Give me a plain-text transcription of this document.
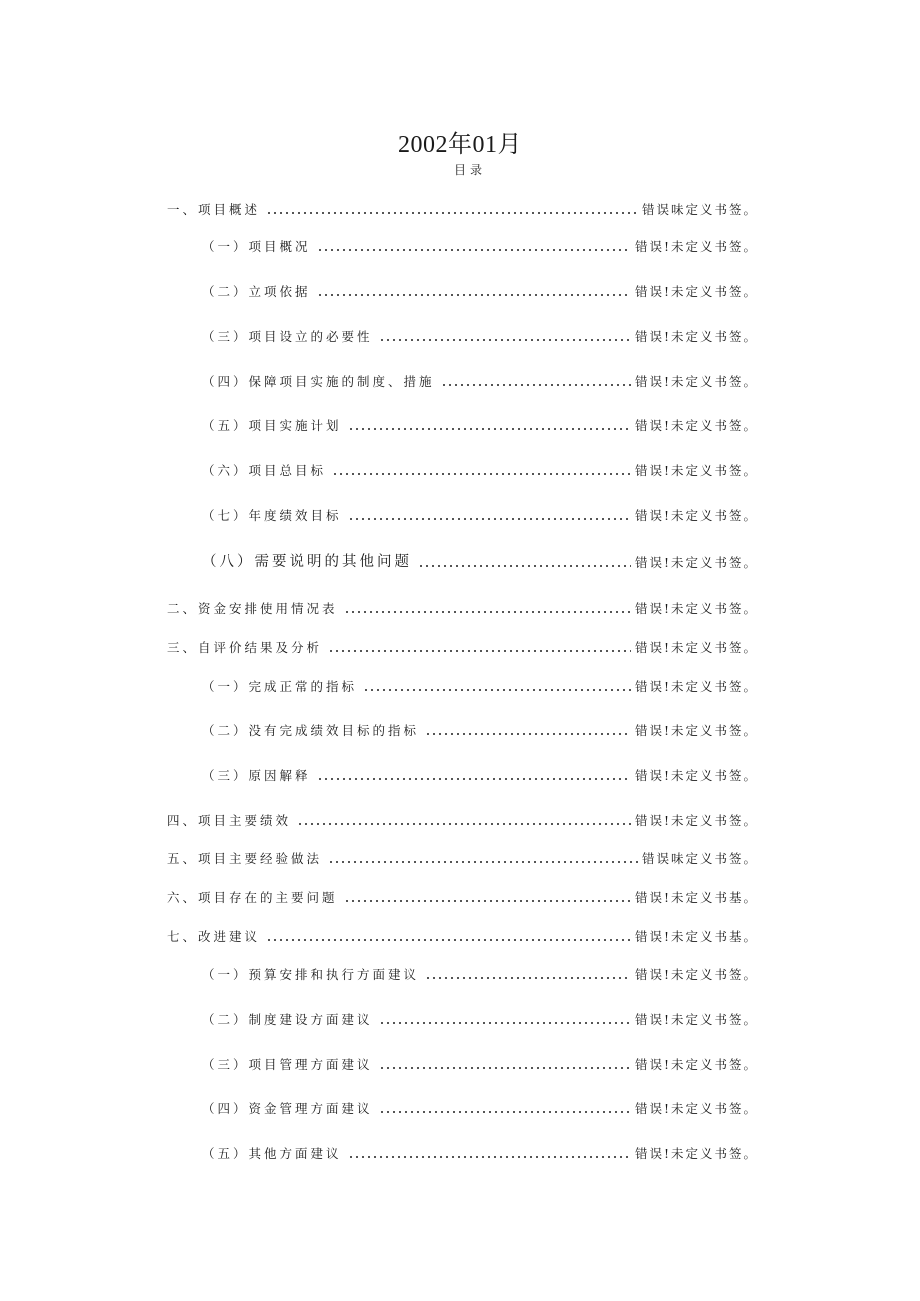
2002年01月
目录
一、项目概述	错误味定义书签。
（一）项目概况	错误!未定义书签。
（二）立项依据	错误!未定义书签。
（三）项目设立的必要性	错误!未定义书签。
（四）保障项目实施的制度、措施	错误!未定义书签。
（五）项目实施计划	错误!未定义书签。
（六）项目总目标	错误!未定义书签。
（七）年度绩效目标	错误!未定义书签。
（八）需要说明的其他问题	错误!未定义书签。
二、资金安排使用情况表	错误!未定义书签。
三、自评价结果及分析	错误!未定义书签。
（一）完成正常的指标	错误!未定义书签。
（二）没有完成绩效目标的指标	错误!未定义书签。
（三）原因解释	错误!未定义书签。
四、项目主要绩效	错误!未定义书签。
五、项目主要经验做法	错误味定义书签。
六、项目存在的主要问题	错误!未定义书基。
七、改进建议	错误!未定义书基。
（一）预算安排和执行方面建议	错误!未定义书签。
（二）制度建设方面建议	错误!未定义书签。
（三）项目管理方面建议	错误!未定义书签。
（四）资金管理方面建议	错误!未定义书签。
（五）其他方面建议	错误!未定义书签。
